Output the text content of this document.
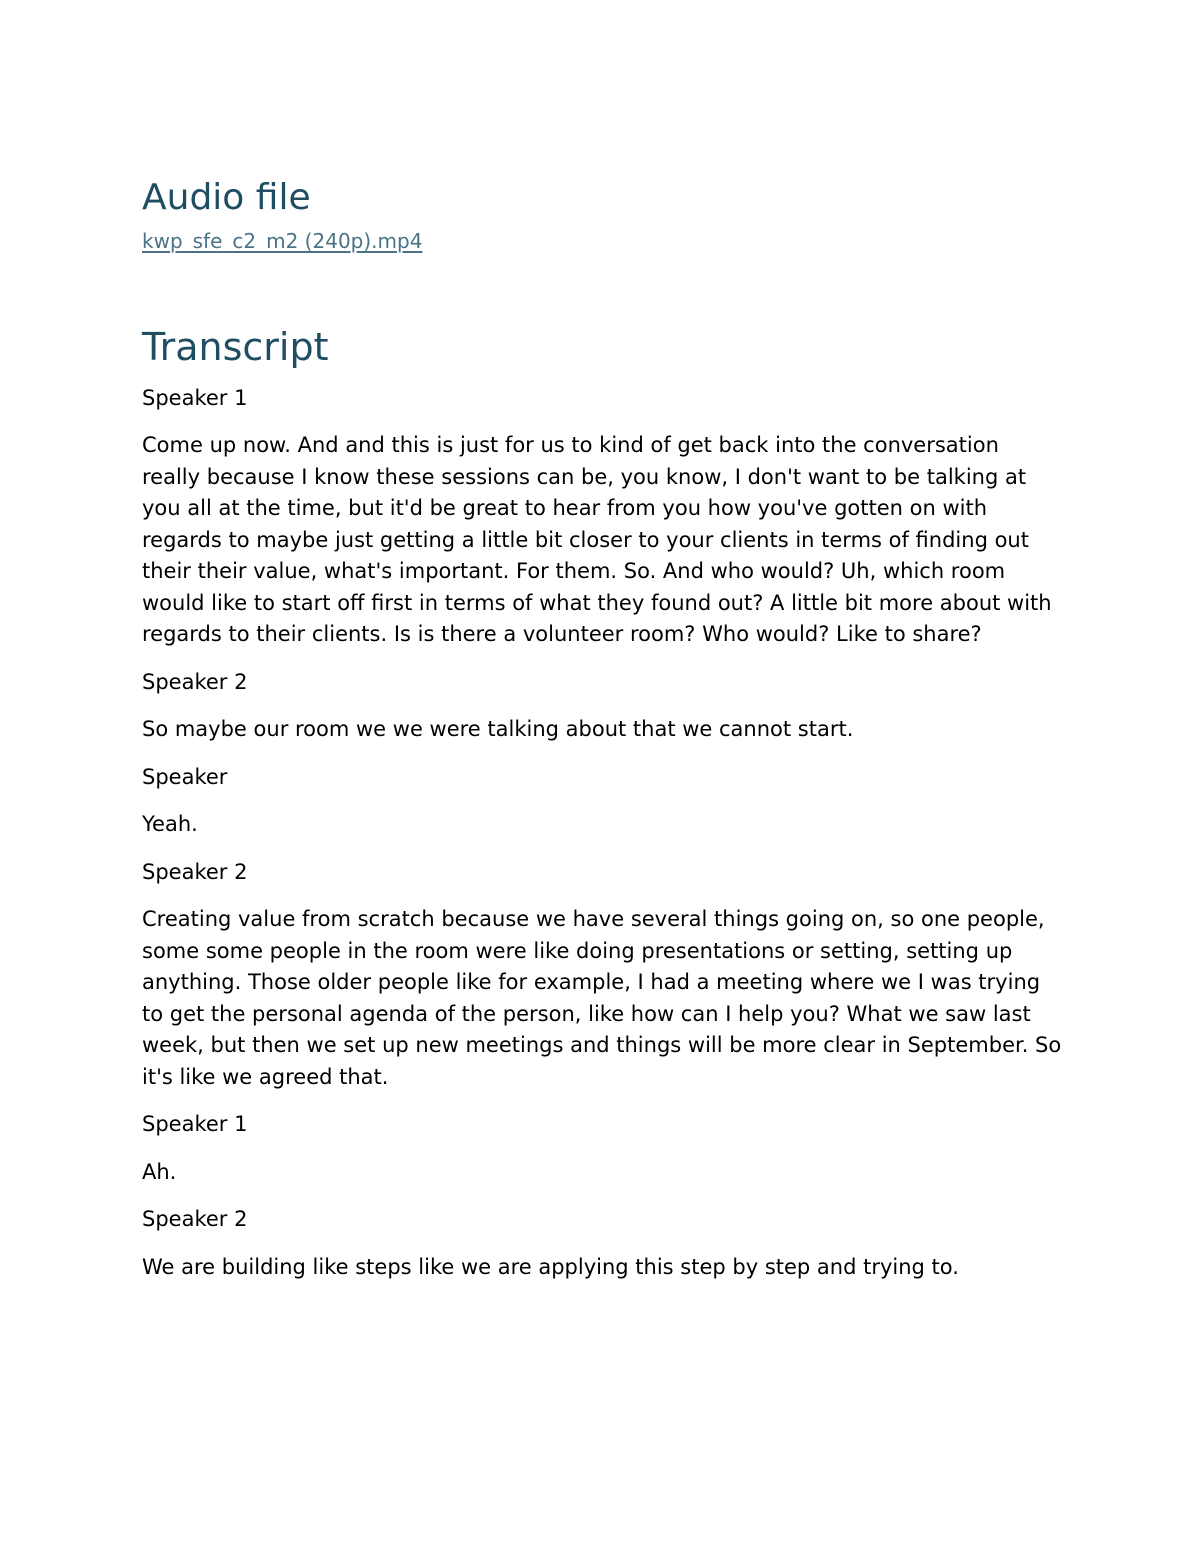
Audio file
kwp_sfe_c2_m2 (240p).mp4
Transcript

Speaker 1

Come up now. And and this is just for us to kind of get back into the conversation really because I know these sessions can be, you know, I don't want to be talking at you all at the time, but it'd be great to hear from you how you've gotten on with regards to maybe just getting a little bit closer to your clients in terms of finding out their their value, what's important. For them. So. And who would? Uh, which room would like to start off first in terms of what they found out? A little bit more about with regards to their clients. Is is there a volunteer room? Who would? Like to share?

Speaker 2

So maybe our room we we were talking about that we cannot start.

Speaker

Yeah.

Speaker 2

Creating value from scratch because we have several things going on, so one people, some some people in the room were like doing presentations or setting, setting up anything. Those older people like for example, I had a meeting where we I was trying to get the personal agenda of the person, like how can I help you? What we saw last week, but then we set up new meetings and things will be more clear in September. So it's like we agreed that.

Speaker 1

Ah.

Speaker 2

We are building like steps like we are applying this step by step and trying to.
